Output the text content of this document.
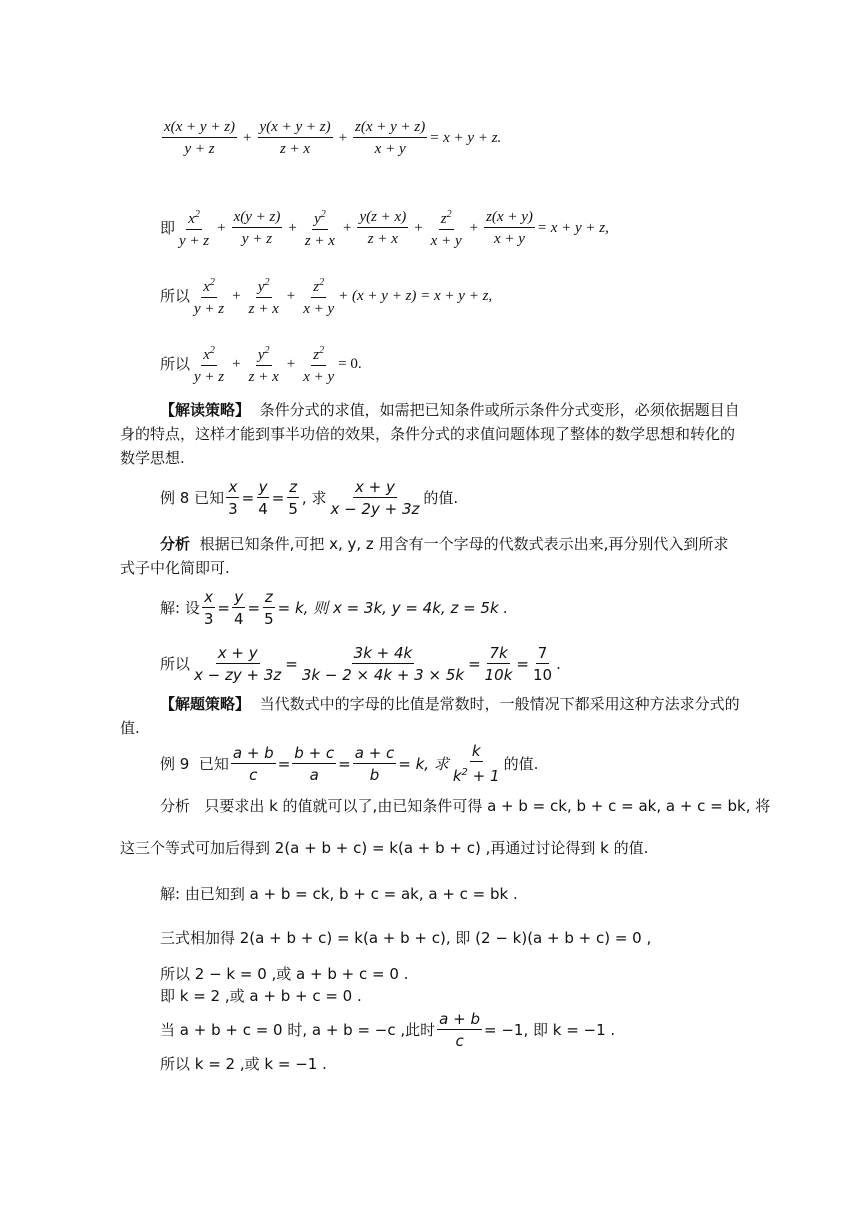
$\frac{x(x + y + z)}{y + z} + \frac{y(x + y + z)}{z + x} + \frac{z(x + y + z)}{x + y} = x + y + z$.
即 $\frac{x^2}{y + z} + \frac{x(y + z)}{y + z} + \frac{y^2}{z + x} + \frac{y(z + x)}{z + x} + \frac{z^2}{x + y} + \frac{z(x + y)}{x + y} = x + y + z$,
所以 $\frac{x^2}{y + z} + \frac{y^2}{z + x} + \frac{z^2}{x + y} + (x + y + z) = x + y + z$,
所以 $\frac{x^2}{y + z} + \frac{y^2}{z + x} + \frac{z^2}{x + y} = 0$.
【解读策略】 条件分式的求值，如需把已知条件或所示条件分式变形，必须依据题目自身的特点，这样才能到事半功倍的效果，条件分式的求值问题体现了整体的数学思想和转化的数学思想.
例 8
已知 $\frac{x}{3} = \frac{y}{4} = \frac{z}{5}$ , 求 $\frac{x + y}{x - 2y + 3z}$ 的值.
分析 根据已知条件,可把 x, y, z 用含有一个字母的代数式表示出来,再分别代入到所求式子中化简即可.
解: 设 $\frac{x}{3} = \frac{y}{4} = \frac{z}{5} = k$, 则 x = 3k, y = 4k, z = 5k .
所以 $\frac{x + y}{x - zy + 3z} = \frac{3k + 4k}{3k - 2 \times 4k + 3 \times 5k} = \frac{7k}{10k} = \frac{7}{10}$ .
【解题策略】 当代数式中的字母的比值是常数时，一般情况下都采用这种方法求分式的值.
例 9
已知 $\frac{a + b}{c} = \frac{b + c}{a} = \frac{a + c}{b} = k$, 求 $\frac{k}{k^2 + 1}$ 的值.
分析
只要求出 k 的值就可以了,由已知条件可得 a + b = ck, b + c = ak, a + c = bk, 将
这三个等式可加后得到 2(a + b + c) = k(a + b + c) ,再通过讨论得到 k 的值.
解: 由已知到 a + b = ck, b + c = ak, a + c = bk .
三式相加得 2(a + b + c) = k(a + b + c), 即 (2 − k)(a + b + c) = 0 ,
所以 2 − k = 0 ,或 a + b + c = 0 .
即 k = 2 ,或 a + b + c = 0 .
当 a + b + c = 0 时, a + b = −c ,此时 $\frac{a + b}{c} = -1$, 即 k = −1 .
所以 k = 2 ,或 k = −1 .
